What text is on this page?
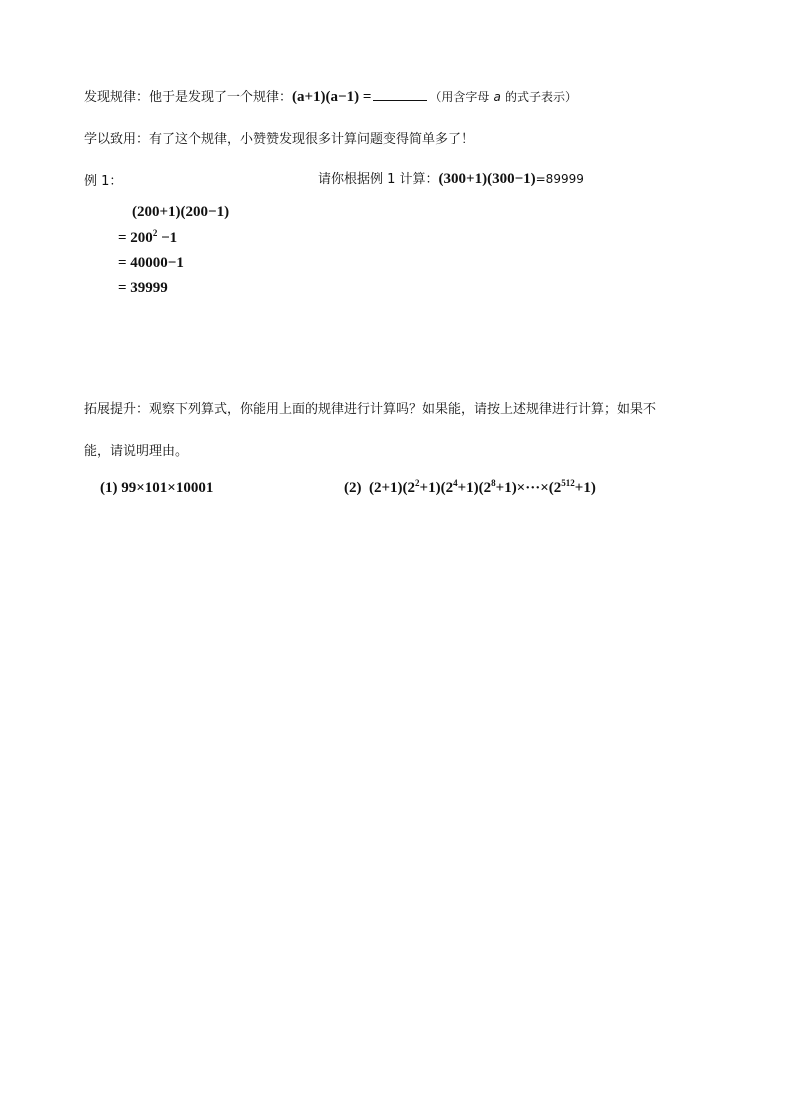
发现规律：他于是发现了一个规律：(a+1)(a−1) =	（用含字母 a 的式子表示）
学以致用：有了这个规律，小赞赞发现很多计算问题变得简单多了！
例 1：	请你根据例 1 计算：(300+1)(300−1)=89999
(200+1)(200−1)
= $200^2 -1$
= 40000−1
= 39999
拓展提升：观察下列算式，你能用上面的规律进行计算吗？如果能，请按上述规律进行计算；如果不
能，请说明理由。
(1) 99×101×10001	(2) $(2+1)(2^2+1)(2^4+1)(2^8+1)\times\cdot\cdot\cdot\times(2^{512}+1)$
